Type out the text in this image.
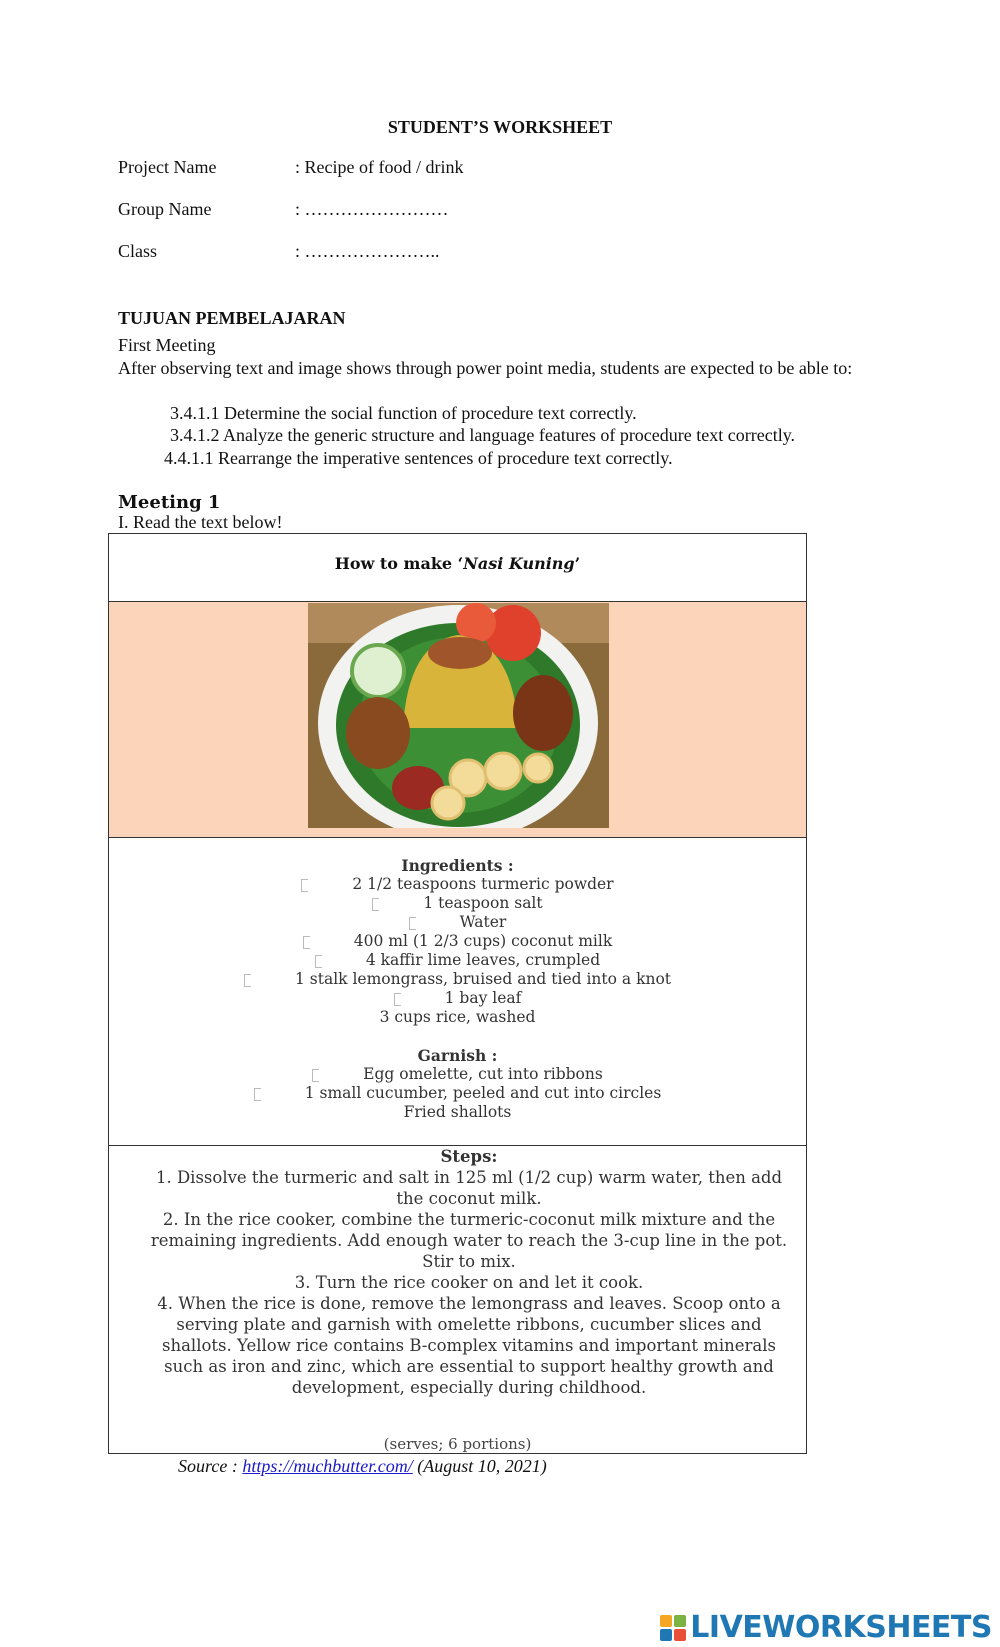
STUDENT’S WORKSHEET
Project Name	: Recipe of food / drink
Group Name	: ……………………
Class	: …………………..
TUJUAN PEMBELAJARAN
First Meeting
After observing text and image shows through power point media, students are expected to be able to:
3.4.1.1 Determine the social function of procedure text correctly.
3.4.1.2 Analyze the generic structure and language features of procedure text correctly.
4.4.1.1 Rearrange the imperative sentences of procedure text correctly.
Meeting 1
I. Read the text below!
How to make ‘Nasi Kuning’
Ingredients :
2 1/2 teaspoons turmeric powder
1 teaspoon salt
Water
400 ml (1 2/3 cups) coconut milk
4 kaffir lime leaves, crumpled
1 stalk lemongrass, bruised and tied into a knot
1 bay leaf
3 cups rice, washed
Garnish :
Egg omelette, cut into ribbons
1 small cucumber, peeled and cut into circles
Fried shallots
Steps:
1. Dissolve the turmeric and salt in 125 ml (1/2 cup) warm water, then add the coconut milk.
2. In the rice cooker, combine the turmeric-coconut milk mixture and the remaining ingredients. Add enough water to reach the 3-cup line in the pot. Stir to mix.
3. Turn the rice cooker on and let it cook.
4. When the rice is done, remove the lemongrass and leaves. Scoop onto a serving plate and garnish with omelette ribbons, cucumber slices and shallots. Yellow rice contains B-complex vitamins and important minerals such as iron and zinc, which are essential to support healthy growth and development, especially during childhood.
(serves; 6 portions)
Source : https://muchbutter.com/ (August 10, 2021)
LIVEWORKSHEETS
